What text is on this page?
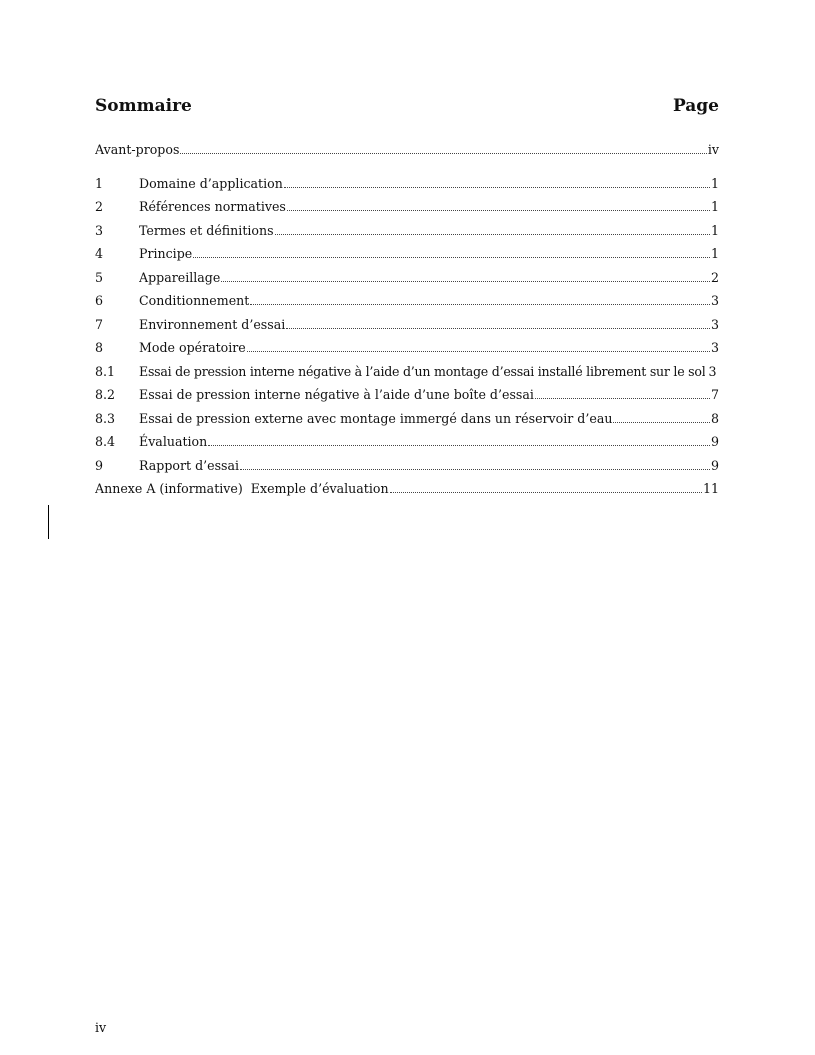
Sommaire	Page
Avant-propos	iv
1	Domaine d’application	1
2	Références normatives	1
3	Termes et définitions	1
4	Principe	1
5	Appareillage	2
6	Conditionnement	3
7	Environnement d’essai	3
8	Mode opératoire	3
8.1	Essai de pression interne négative à l’aide d’un montage d’essai installé librement sur le sol 3
8.2	Essai de pression interne négative à l’aide d’une boîte d’essai	7
8.3	Essai de pression externe avec montage immergé dans un réservoir d’eau	8
8.4	Évaluation	9
9	Rapport d’essai	9
Annexe A (informative)  Exemple d’évaluation	11
iv
